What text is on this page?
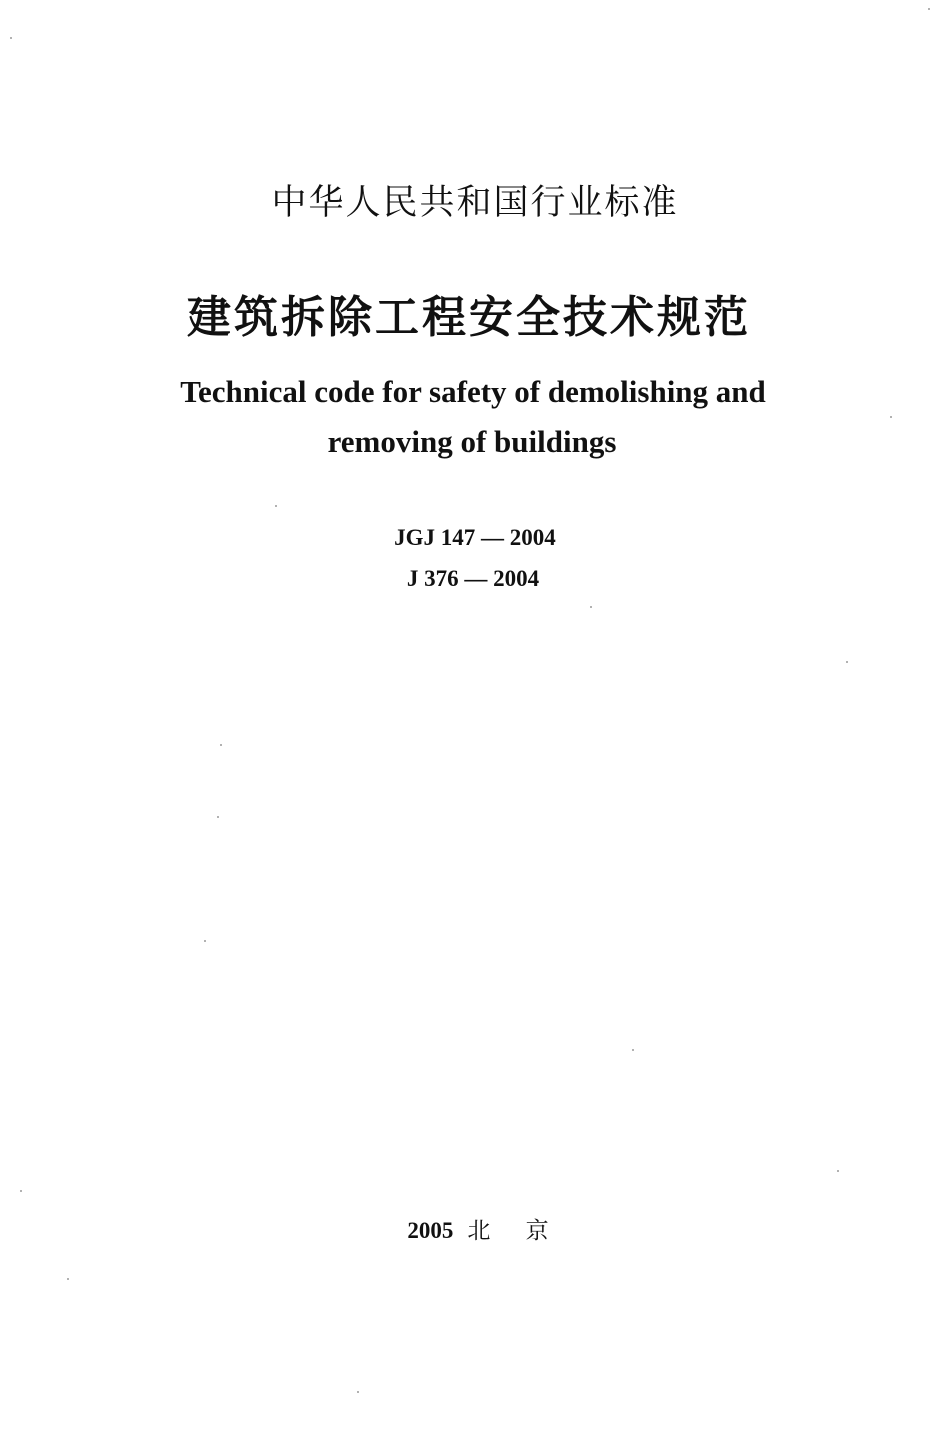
中华人民共和国行业标准
建筑拆除工程安全技术规范
Technical code for safety of demolishing and
removing of buildings
JGJ 147 — 2004
J 376 — 2004
2005 北 京
